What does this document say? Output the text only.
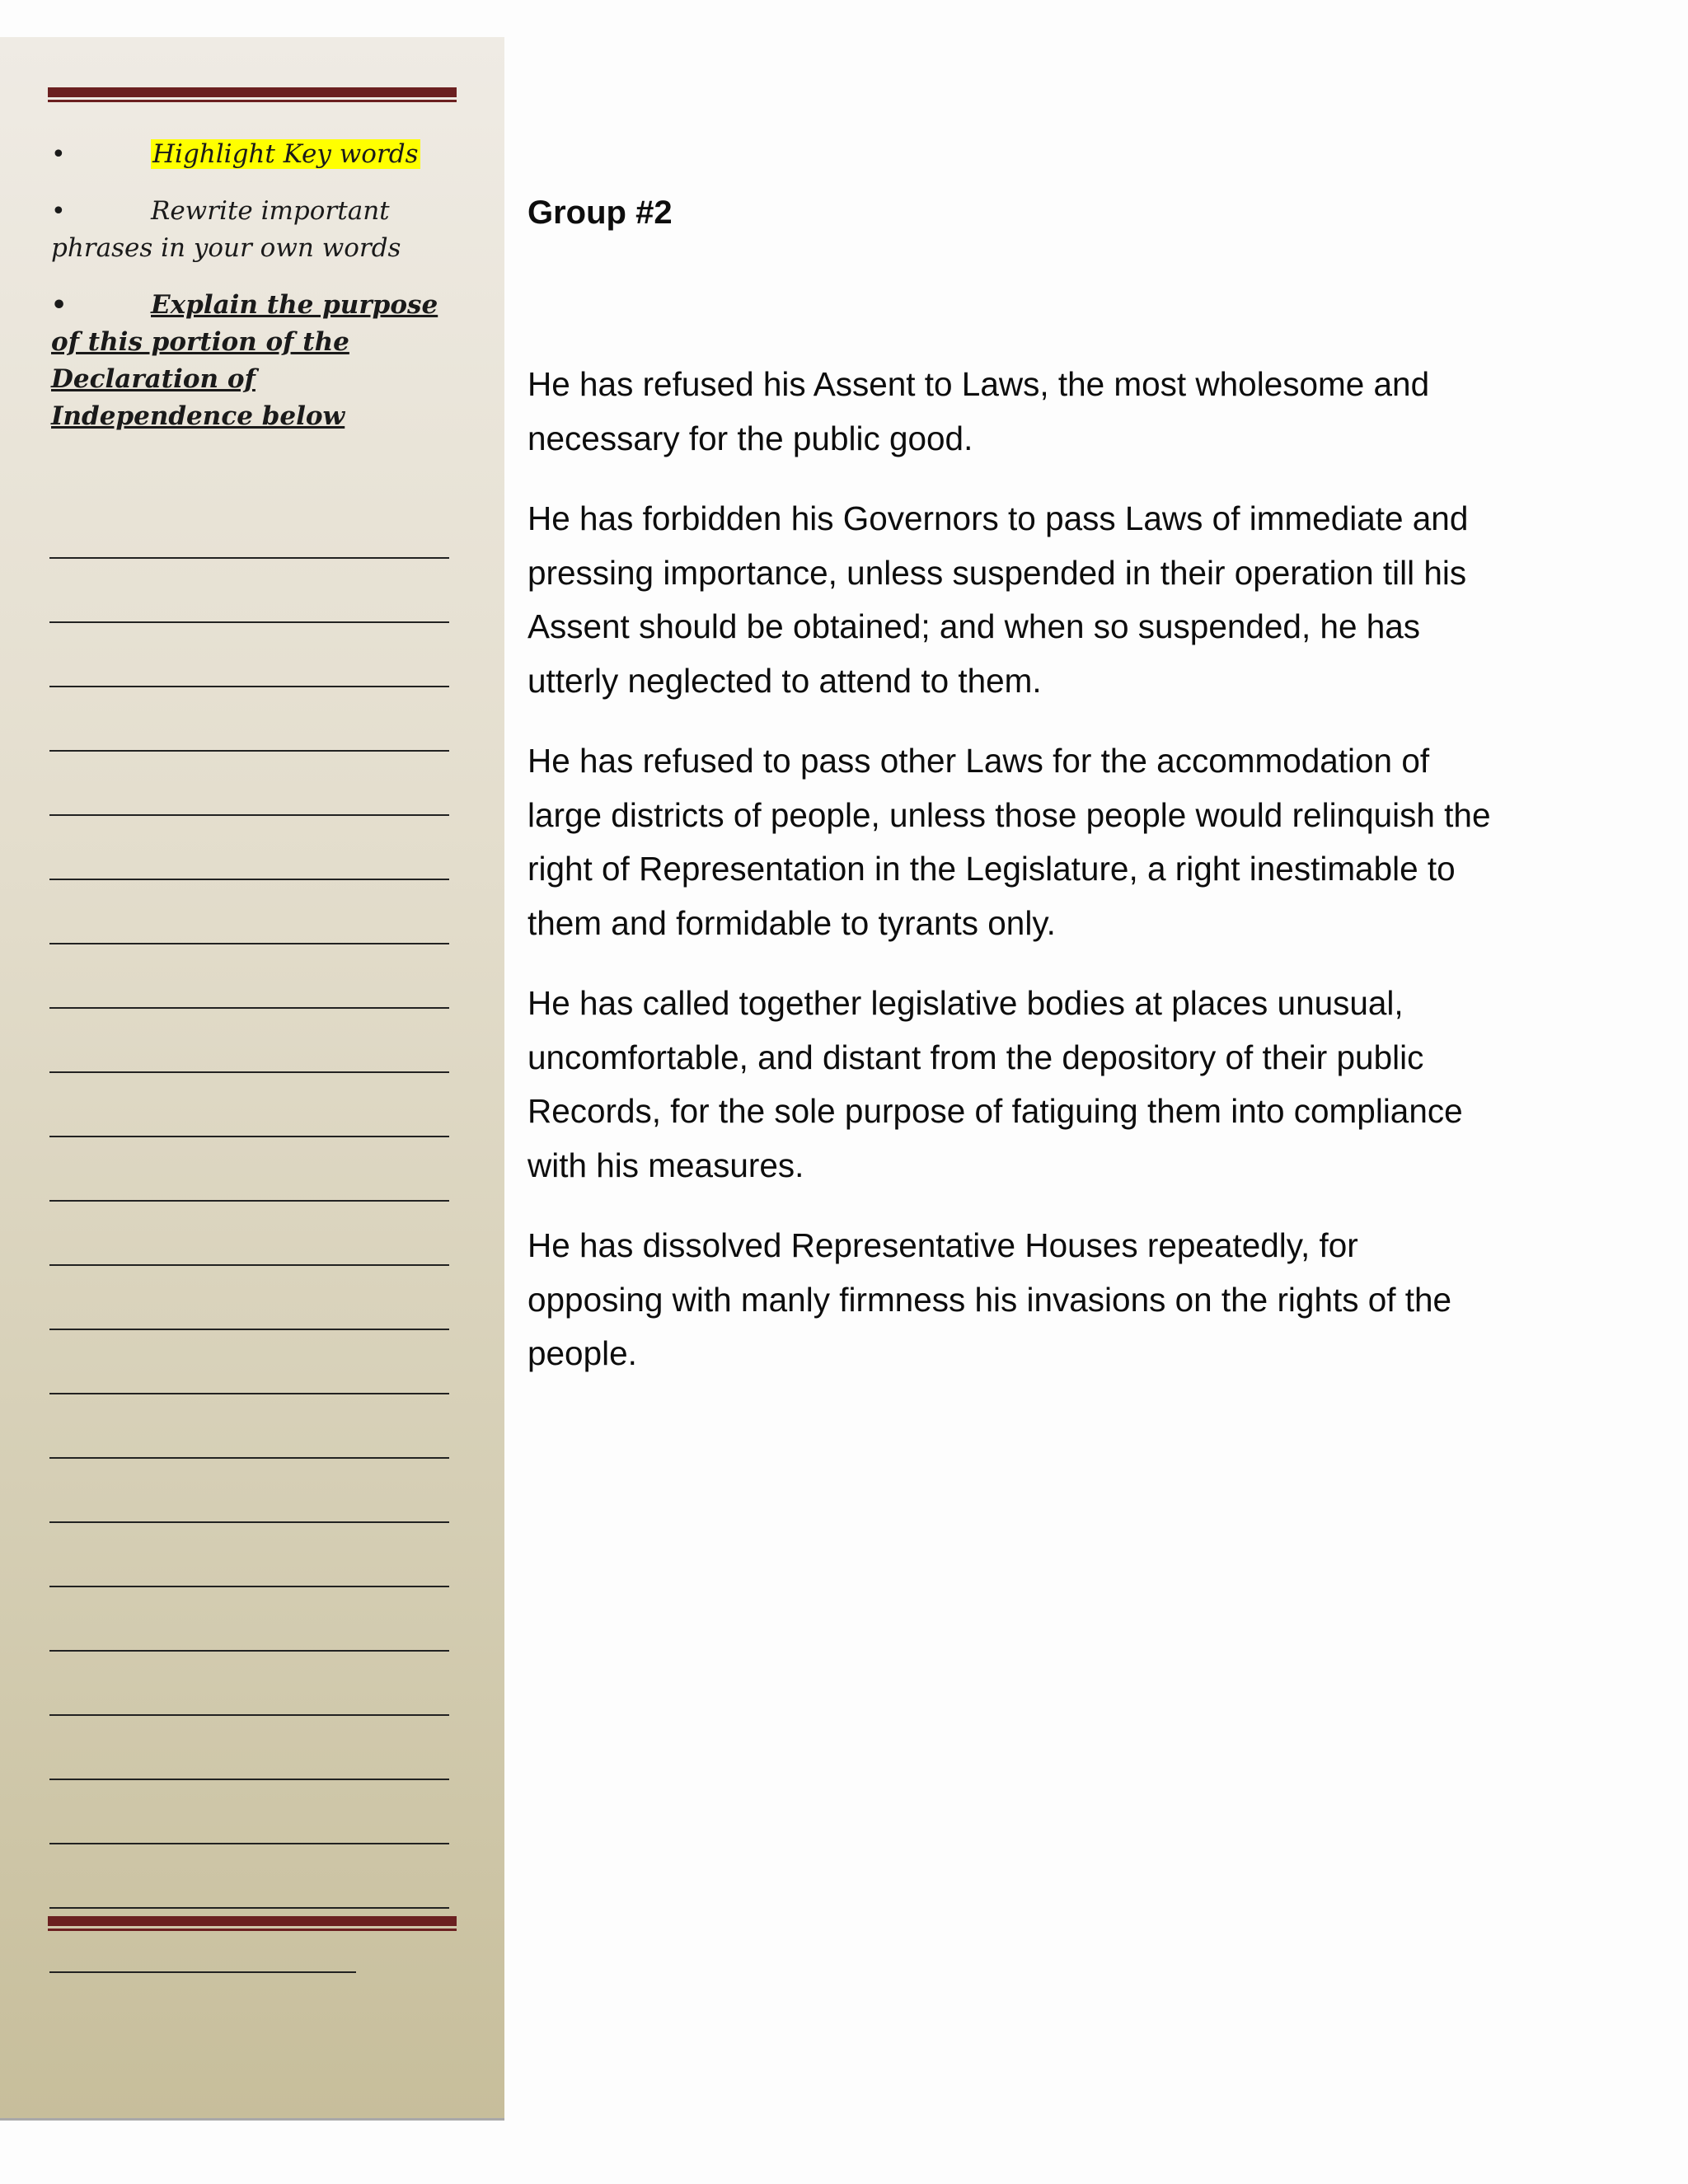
•	Highlight Key words
•	Rewrite important phrases in your own words
•	Explain the purpose of this portion of the Declaration of Independence below
Group #2

He has refused his Assent to Laws, the most wholesome and necessary for the public good.

He has forbidden his Governors to pass Laws of immediate and pressing importance, unless suspended in their operation till his Assent should be obtained; and when so suspended, he has utterly neglected to attend to them.

He has refused to pass other Laws for the accommodation of large districts of people, unless those people would relinquish the right of Representation in the Legislature, a right inestimable to them and formidable to tyrants only.

He has called together legislative bodies at places unusual, uncomfortable, and distant from the depository of their public Records, for the sole purpose of fatiguing them into compliance with his measures.

He has dissolved Representative Houses repeatedly, for opposing with manly firmness his invasions on the rights of the people.
